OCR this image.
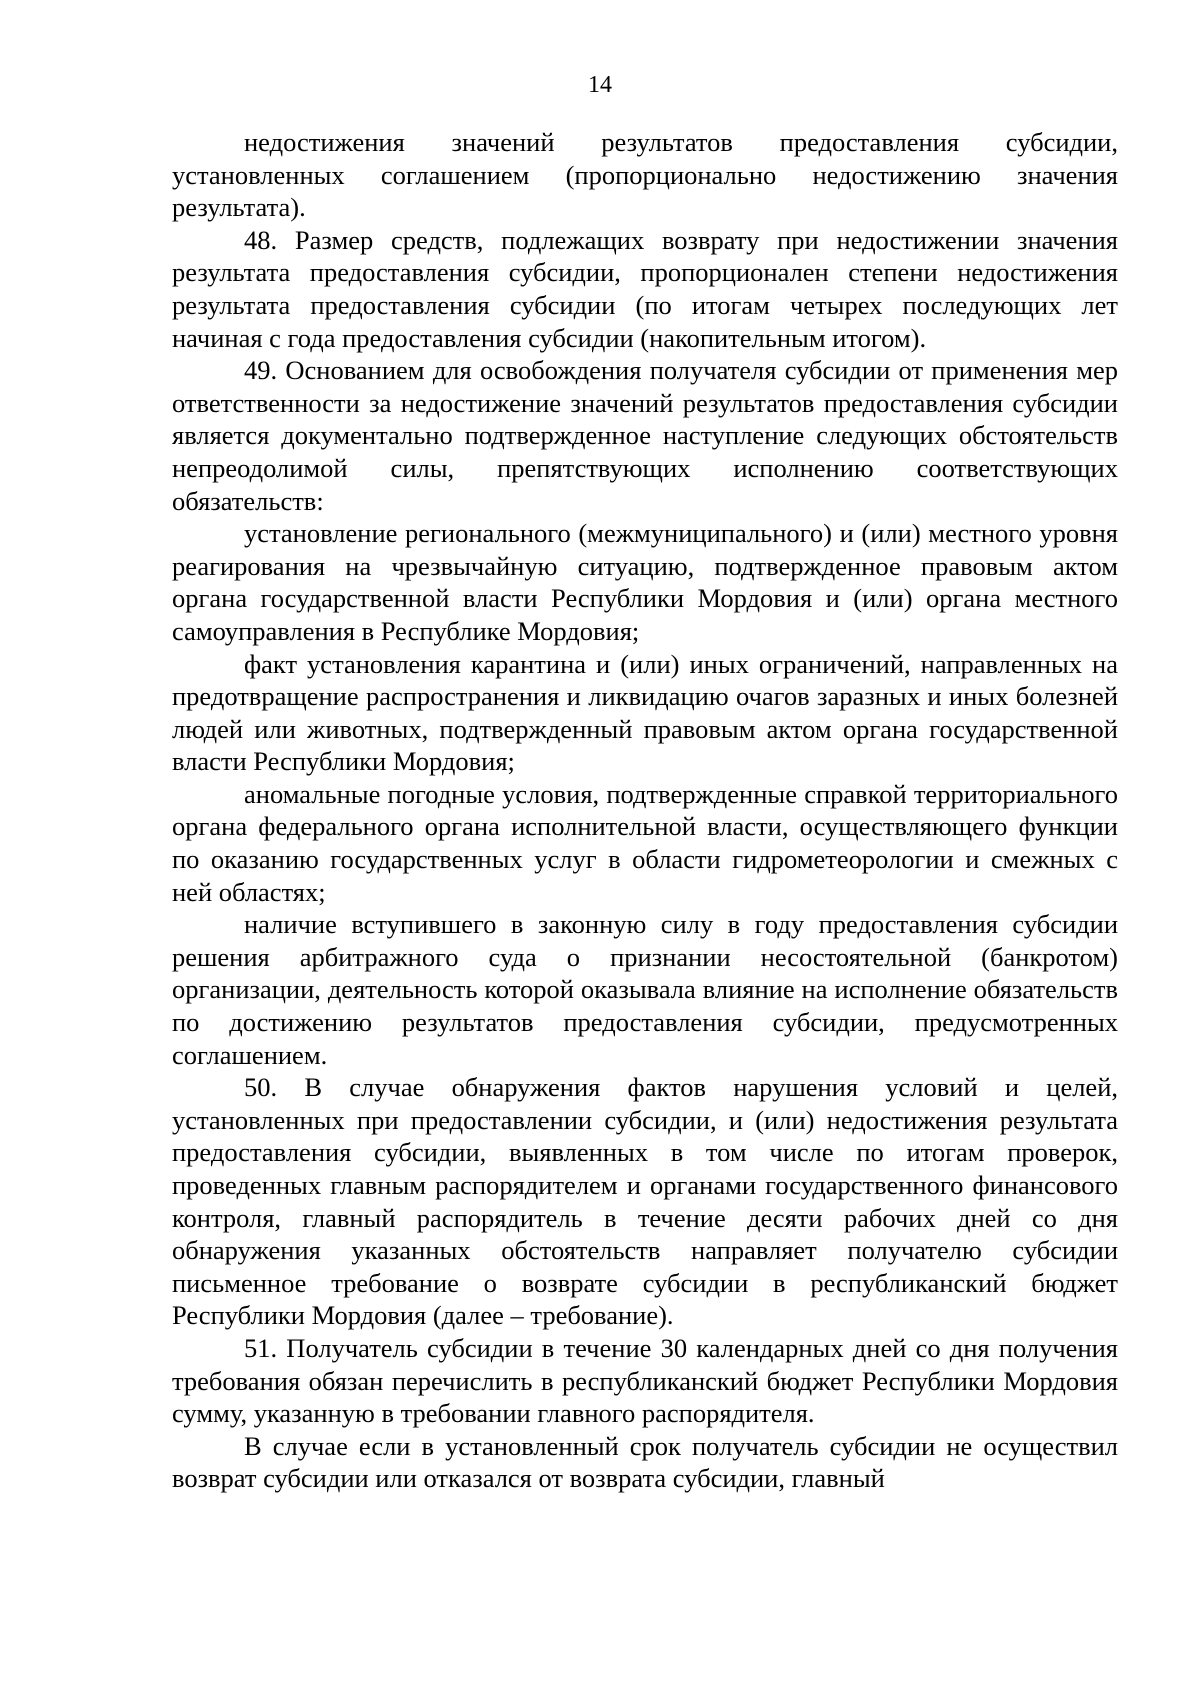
14

недостижения значений результатов предоставления субсидии, установленных соглашением (пропорционально недостижению значения результата).

48. Размер средств, подлежащих возврату при недостижении значения результата предоставления субсидии, пропорционален степени недостижения результата предоставления субсидии (по итогам четырех последующих лет начиная с года предоставления субсидии (накопительным итогом).

49. Основанием для освобождения получателя субсидии от применения мер ответственности за недостижение значений результатов предоставления субсидии является документально подтвержденное наступление следующих обстоятельств непреодолимой силы, препятствующих исполнению соответствующих обязательств:

установление регионального (межмуниципального) и (или) местного уровня реагирования на чрезвычайную ситуацию, подтвержденное правовым актом органа государственной власти Республики Мордовия и (или) органа местного самоуправления в Республике Мордовия;

факт установления карантина и (или) иных ограничений, направленных на предотвращение распространения и ликвидацию очагов заразных и иных болезней людей или животных, подтвержденный правовым актом органа государственной власти Республики Мордовия;

аномальные погодные условия, подтвержденные справкой территориального органа федерального органа исполнительной власти, осуществляющего функции по оказанию государственных услуг в области гидрометеорологии и смежных с ней областях;

наличие вступившего в законную силу в году предоставления субсидии решения арбитражного суда о признании несостоятельной (банкротом) организации, деятельность которой оказывала влияние на исполнение обязательств по достижению результатов предоставления субсидии, предусмотренных соглашением.

50. В случае обнаружения фактов нарушения условий и целей, установленных при предоставлении субсидии, и (или) недостижения результата предоставления субсидии, выявленных в том числе по итогам проверок, проведенных главным распорядителем и органами государственного финансового контроля, главный распорядитель в течение десяти рабочих дней со дня обнаружения указанных обстоятельств направляет получателю субсидии письменное требование о возврате субсидии в республиканский бюджет Республики Мордовия (далее – требование).

51. Получатель субсидии в течение 30 календарных дней со дня получения требования обязан перечислить в республиканский бюджет Республики Мордовия сумму, указанную в требовании главного распорядителя.

В случае если в установленный срок получатель субсидии не осуществил возврат субсидии или отказался от возврата субсидии, главный
